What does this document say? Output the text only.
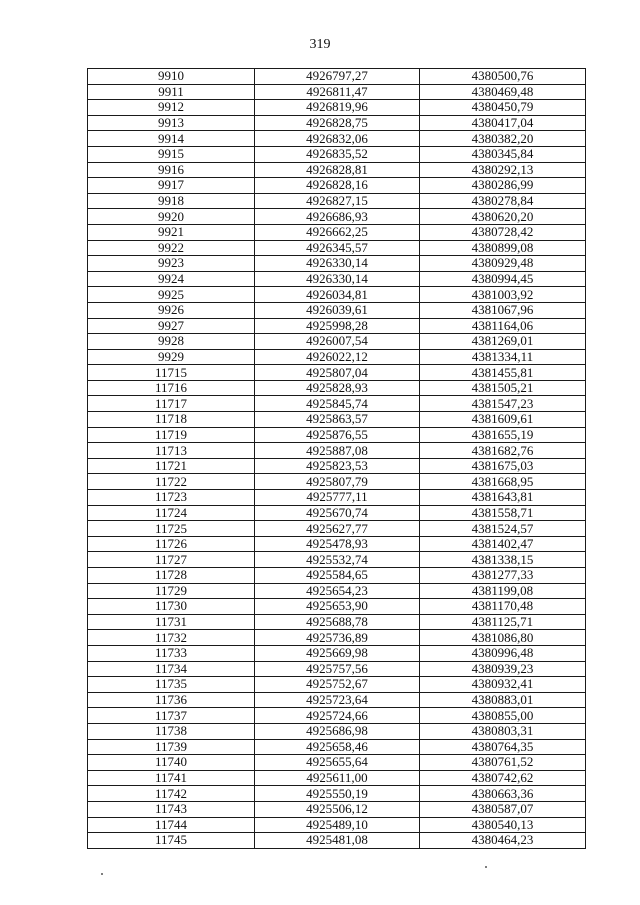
319
9910	4926797,27	4380500,76
9911	4926811,47	4380469,48
9912	4926819,96	4380450,79
9913	4926828,75	4380417,04
9914	4926832,06	4380382,20
9915	4926835,52	4380345,84
9916	4926828,81	4380292,13
9917	4926828,16	4380286,99
9918	4926827,15	4380278,84
9920	4926686,93	4380620,20
9921	4926662,25	4380728,42
9922	4926345,57	4380899,08
9923	4926330,14	4380929,48
9924	4926330,14	4380994,45
9925	4926034,81	4381003,92
9926	4926039,61	4381067,96
9927	4925998,28	4381164,06
9928	4926007,54	4381269,01
9929	4926022,12	4381334,11
11715	4925807,04	4381455,81
11716	4925828,93	4381505,21
11717	4925845,74	4381547,23
11718	4925863,57	4381609,61
11719	4925876,55	4381655,19
11713	4925887,08	4381682,76
11721	4925823,53	4381675,03
11722	4925807,79	4381668,95
11723	4925777,11	4381643,81
11724	4925670,74	4381558,71
11725	4925627,77	4381524,57
11726	4925478,93	4381402,47
11727	4925532,74	4381338,15
11728	4925584,65	4381277,33
11729	4925654,23	4381199,08
11730	4925653,90	4381170,48
11731	4925688,78	4381125,71
11732	4925736,89	4381086,80
11733	4925669,98	4380996,48
11734	4925757,56	4380939,23
11735	4925752,67	4380932,41
11736	4925723,64	4380883,01
11737	4925724,66	4380855,00
11738	4925686,98	4380803,31
11739	4925658,46	4380764,35
11740	4925655,64	4380761,52
11741	4925611,00	4380742,62
11742	4925550,19	4380663,36
11743	4925506,12	4380587,07
11744	4925489,10	4380540,13
11745	4925481,08	4380464,23
